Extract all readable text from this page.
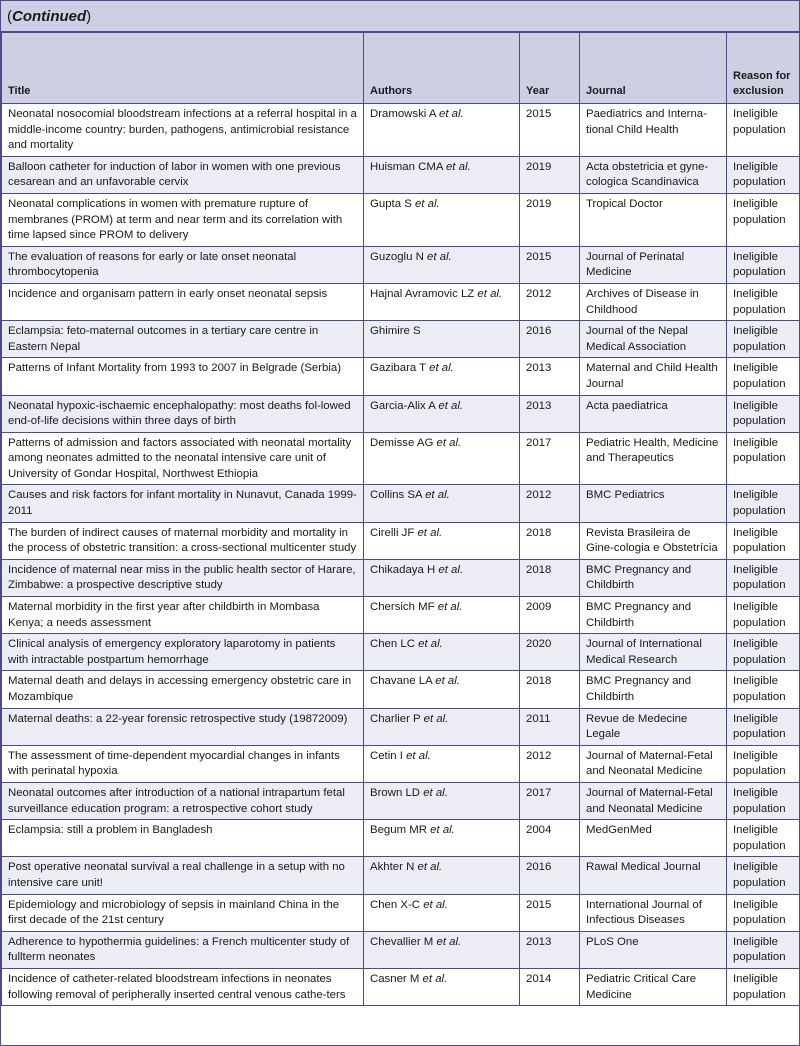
( Continued )
Title	Authors	Year	Journal	Reason for exclusion
Neonatal nosocomial bloodstream infections at a referral hospital in a middle-income country: burden, pathogens, antimicrobial resistance and mortality	Dramowski A et al.	2015	Paediatrics and Interna-tional Child Health	Ineligible population
Balloon catheter for induction of labor in women with one previous cesarean and an unfavorable cervix	Huisman CMA et al.	2019	Acta obstetricia et gyne-cologica Scandinavica	Ineligible population
Neonatal complications in women with premature rupture of membranes (PROM) at term and near term and its correlation with time lapsed since PROM to delivery	Gupta S et al.	2019	Tropical Doctor	Ineligible population
The evaluation of reasons for early or late onset neonatal thrombocytopenia	Guzoglu N et al.	2015	Journal of Perinatal Medicine	Ineligible population
Incidence and organisam pattern in early onset neonatal sepsis	Hajnal Avramovic LZ et al.	2012	Archives of Disease in Childhood	Ineligible population
Eclampsia: feto-maternal outcomes in a tertiary care centre in Eastern Nepal	Ghimire S	2016	Journal of the Nepal Medical Association	Ineligible population
Patterns of Infant Mortality from 1993 to 2007 in Belgrade (Serbia)	Gazibara T et al.	2013	Maternal and Child Health Journal	Ineligible population
Neonatal hypoxic-ischaemic encephalopathy: most deaths fol-lowed end-of-life decisions within three days of birth	Garcia-Alix A et al.	2013	Acta paediatrica	Ineligible population
Patterns of admission and factors associated with neonatal mortality among neonates admitted to the neonatal intensive care unit of University of Gondar Hospital, Northwest Ethiopia	Demisse AG et al.	2017	Pediatric Health, Medicine and Therapeutics	Ineligible population
Causes and risk factors for infant mortality in Nunavut, Canada 1999-2011	Collins SA et al.	2012	BMC Pediatrics	Ineligible population
The burden of indirect causes of maternal morbidity and mortality in the process of obstetric transition: a cross-sectional multicenter study	Cirelli JF et al.	2018	Revista Brasileira de Gine-cologia e Obstetrícia	Ineligible population
Incidence of maternal near miss in the public health sector of Harare, Zimbabwe: a prospective descriptive study	Chikadaya H et al.	2018	BMC Pregnancy and Childbirth	Ineligible population
Maternal morbidity in the first year after childbirth in Mombasa Kenya; a needs assessment	Chersich MF et al.	2009	BMC Pregnancy and Childbirth	Ineligible population
Clinical analysis of emergency exploratory laparotomy in patients with intractable postpartum hemorrhage	Chen LC et al.	2020	Journal of International Medical Research	Ineligible population
Maternal death and delays in accessing emergency obstetric care in Mozambique	Chavane LA et al.	2018	BMC Pregnancy and Childbirth	Ineligible population
Maternal deaths: a 22-year forensic retrospective study (19872009)	Charlier P et al.	2011	Revue de Medecine Legale	Ineligible population
The assessment of time-dependent myocardial changes in infants with perinatal hypoxia	Cetin I et al.	2012	Journal of Maternal-Fetal and Neonatal Medicine	Ineligible population
Neonatal outcomes after introduction of a national intrapartum fetal surveillance education program: a retrospective cohort study	Brown LD et al.	2017	Journal of Maternal-Fetal and Neonatal Medicine	Ineligible population
Eclampsia: still a problem in Bangladesh	Begum MR et al.	2004	MedGenMed	Ineligible population
Post operative neonatal survival a real challenge in a setup with no intensive care unit!	Akhter N et al.	2016	Rawal Medical Journal	Ineligible population
Epidemiology and microbiology of sepsis in mainland China in the first decade of the 21st century	Chen X-C et al.	2015	International Journal of Infectious Diseases	Ineligible population
Adherence to hypothermia guidelines: a French multicenter study of fullterm neonates	Chevallier M et al.	2013	PLoS One	Ineligible population
Incidence of catheter-related bloodstream infections in neonates following removal of peripherally inserted central venous cathe-ters	Casner M et al.	2014	Pediatric Critical Care Medicine	Ineligible population
